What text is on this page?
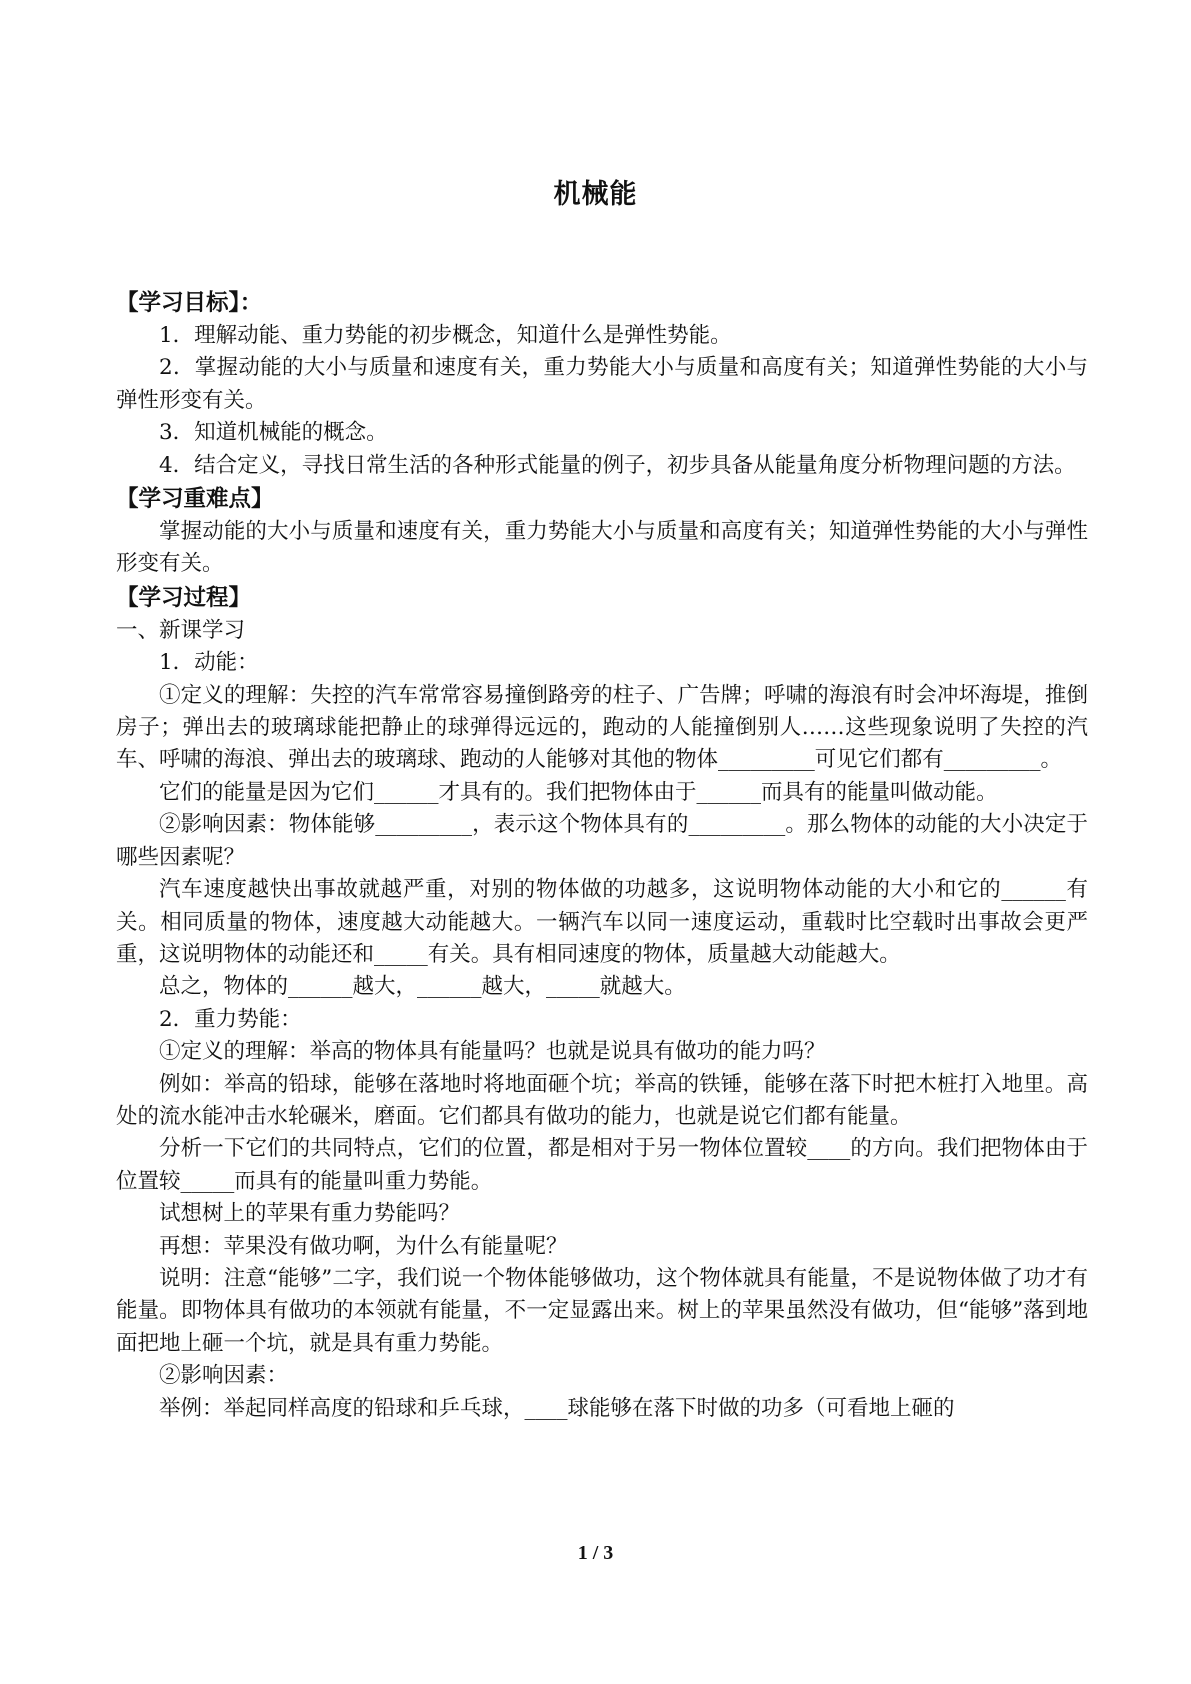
机械能

【学习目标】：

1．理解动能、重力势能的初步概念，知道什么是弹性势能。

2．掌握动能的大小与质量和速度有关，重力势能大小与质量和高度有关；知道弹性势能的大小与弹性形变有关。

3．知道机械能的概念。

4．结合定义，寻找日常生活的各种形式能量的例子，初步具备从能量角度分析物理问题的方法。

【学习重难点】

掌握动能的大小与质量和速度有关，重力势能大小与质量和高度有关；知道弹性势能的大小与弹性形变有关。

【学习过程】

一、新课学习

1．动能：

①定义的理解：失控的汽车常常容易撞倒路旁的柱子、广告牌；呼啸的海浪有时会冲坏海堤，推倒房子；弹出去的玻璃球能把静止的球弹得远远的，跑动的人能撞倒别人……这些现象说明了失控的汽车、呼啸的海浪、弹出去的玻璃球、跑动的人能够对其他的物体_________可见它们都有_________。

它们的能量是因为它们______才具有的。我们把物体由于______而具有的能量叫做动能。

②影响因素：物体能够_________，表示这个物体具有的_________。那么物体的动能的大小决定于哪些因素呢？

汽车速度越快出事故就越严重，对别的物体做的功越多，这说明物体动能的大小和它的______有关。相同质量的物体，速度越大动能越大。一辆汽车以同一速度运动，重载时比空载时出事故会更严重，这说明物体的动能还和_____有关。具有相同速度的物体，质量越大动能越大。

总之，物体的______越大，______越大，_____就越大。

2．重力势能：

①定义的理解：举高的物体具有能量吗？也就是说具有做功的能力吗？

例如：举高的铅球，能够在落地时将地面砸个坑；举高的铁锤，能够在落下时把木桩打入地里。高处的流水能冲击水轮碾米，磨面。它们都具有做功的能力，也就是说它们都有能量。

分析一下它们的共同特点，它们的位置，都是相对于另一物体位置较____的方向。我们把物体由于位置较_____而具有的能量叫重力势能。

试想树上的苹果有重力势能吗？

再想：苹果没有做功啊，为什么有能量呢？

说明：注意“能够”二字，我们说一个物体能够做功，这个物体就具有能量，不是说物体做了功才有能量。即物体具有做功的本领就有能量，不一定显露出来。树上的苹果虽然没有做功，但“能够”落到地面把地上砸一个坑，就是具有重力势能。

②影响因素：

举例：举起同样高度的铅球和乒乓球，____球能够在落下时做的功多（可看地上砸的

1 / 3
